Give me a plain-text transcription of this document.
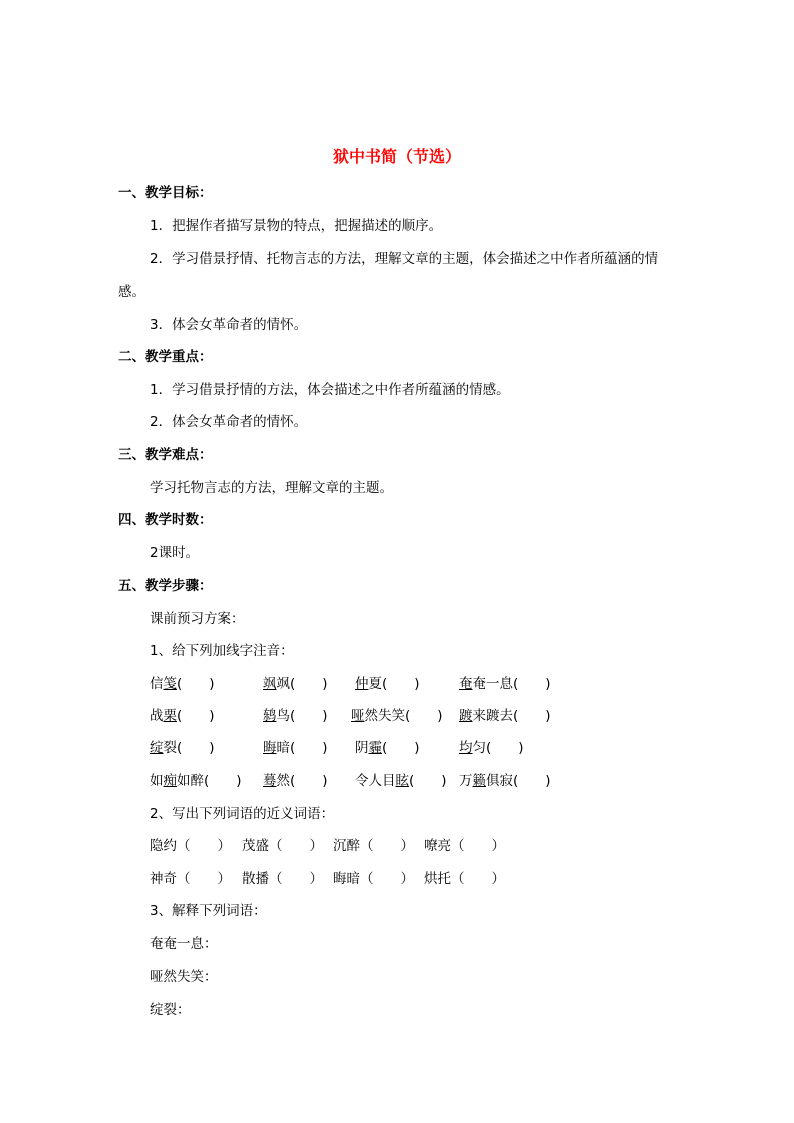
狱中书简（节选）
一、教学目标：
1．把握作者描写景物的特点，把握描述的顺序。
2．学习借景抒情、托物言志的方法，理解文章的主题，体会描述之中作者所蕴涵的情
感。
3．体会女革命者的情怀。
二、教学重点：
1．学习借景抒情的方法，体会描述之中作者所蕴涵的情感。
2．体会女革命者的情怀。
三、教学难点：
学习托物言志的方法，理解文章的主题。
四、教学时数：
2课时。
五、教学步骤：
课前预习方案：
1、给下列加线字注音：
信笺(　　)	飒飒(　　) 仲夏(　　)	奄奄一息(　　)
战栗(　　)	鸫鸟(　　) 哑然失笑(　　) 踱来踱去(　　)
绽裂(　　)	晦暗(　　) 阴霾(　　)	均匀(　　)
如痴如醉(　　) 蓦然(　　) 令人目眩(　　) 万籁俱寂(　　)
2、写出下列词语的近义词语：
隐约（　　） 茂盛（　　） 沉醉（　　） 嘹亮（　　）
神奇（　　） 散播（　　） 晦暗（　　） 烘托（　　）
3、解释下列词语：
奄奄一息：
哑然失笑：
绽裂：
